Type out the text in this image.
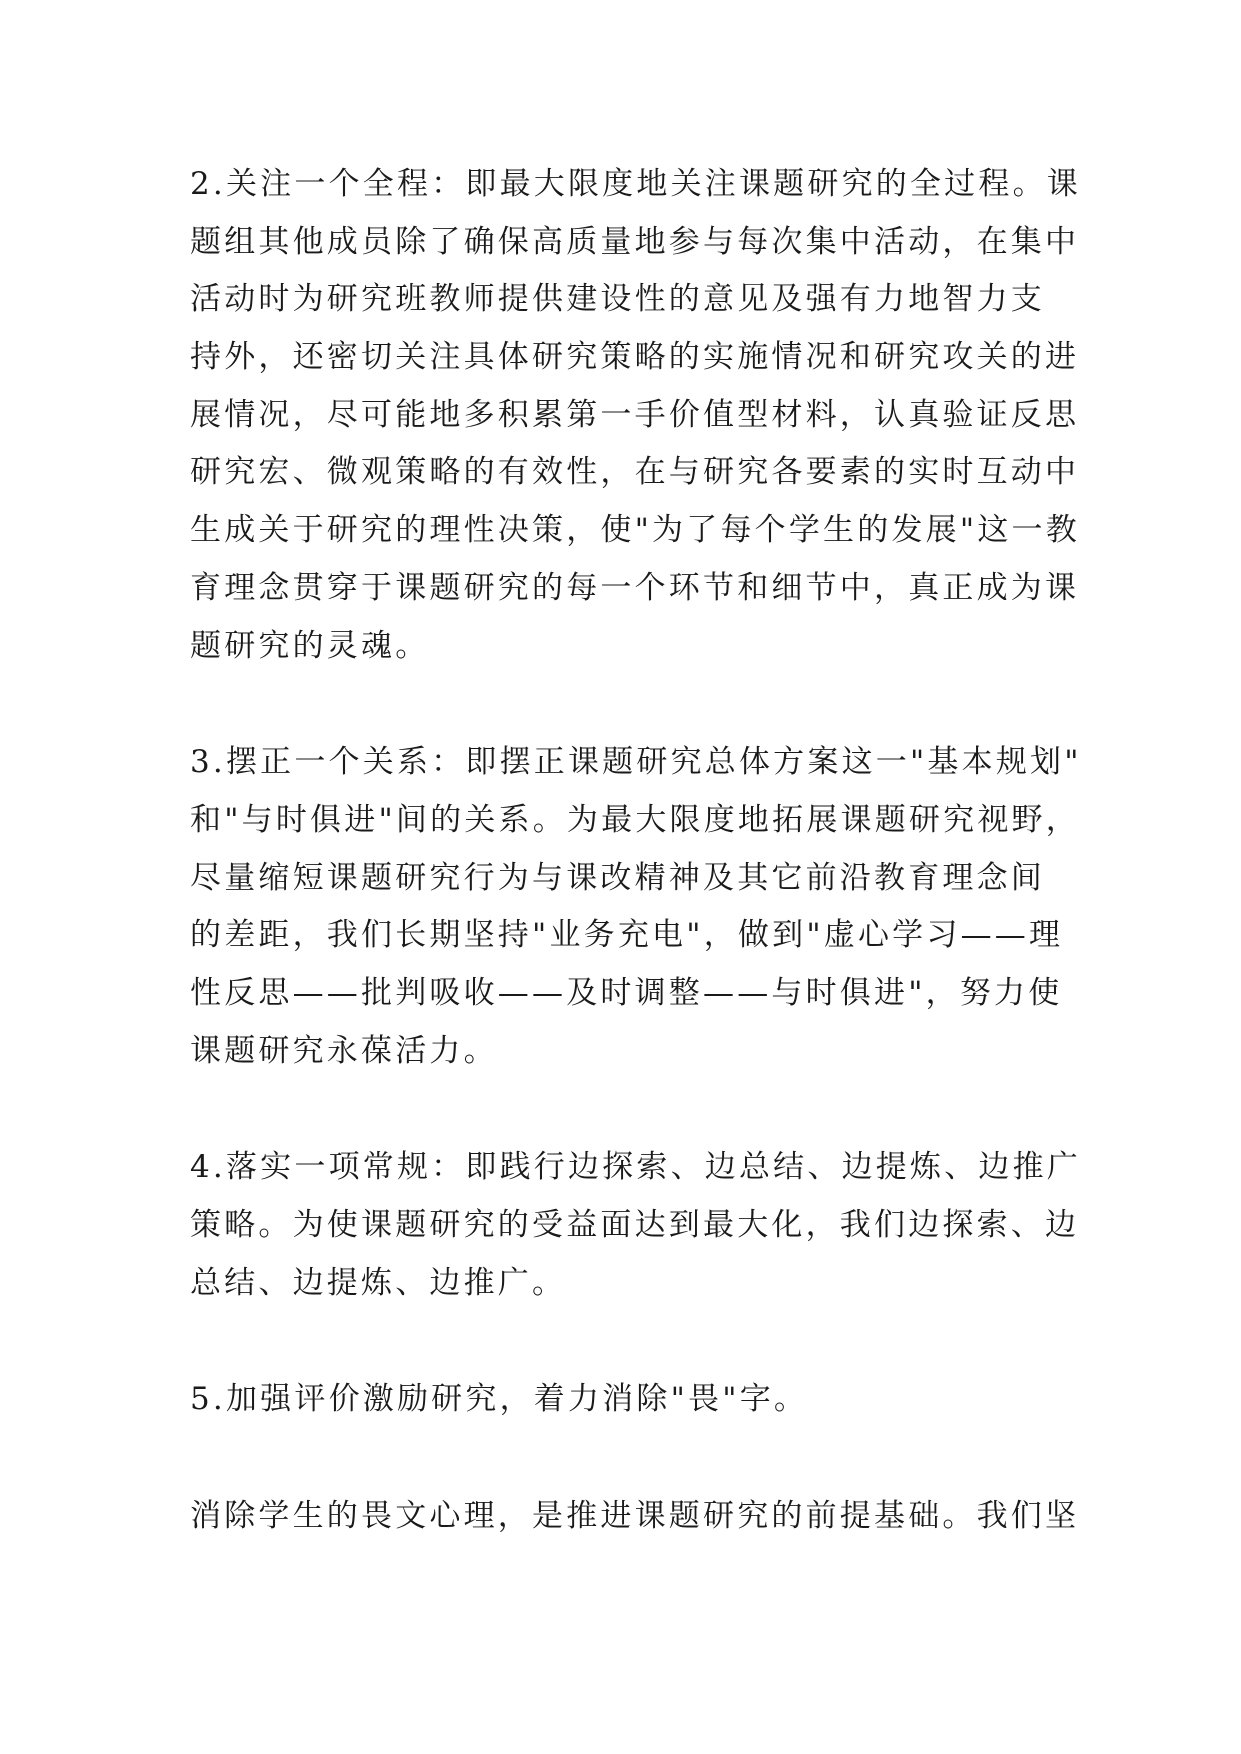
2.关注一个全程：即最大限度地关注课题研究的全过程。课
题组其他成员除了确保高质量地参与每次集中活动，在集中
活动时为研究班教师提供建设性的意见及强有力地智力支
持外，还密切关注具体研究策略的实施情况和研究攻关的进
展情况，尽可能地多积累第一手价值型材料，认真验证反思
研究宏、微观策略的有效性，在与研究各要素的实时互动中
生成关于研究的理性决策，使"为了每个学生的发展"这一教
育理念贯穿于课题研究的每一个环节和细节中，真正成为课
题研究的灵魂。

3.摆正一个关系：即摆正课题研究总体方案这一"基本规划"
和"与时俱进"间的关系。为最大限度地拓展课题研究视野，
尽量缩短课题研究行为与课改精神及其它前沿教育理念间
的差距，我们长期坚持"业务充电"，做到"虚心学习——理
性反思——批判吸收——及时调整——与时俱进"，努力使
课题研究永葆活力。

4.落实一项常规：即践行边探索、边总结、边提炼、边推广
策略。为使课题研究的受益面达到最大化，我们边探索、边
总结、边提炼、边推广。

5.加强评价激励研究，着力消除"畏"字。

消除学生的畏文心理，是推进课题研究的前提基础。我们坚
